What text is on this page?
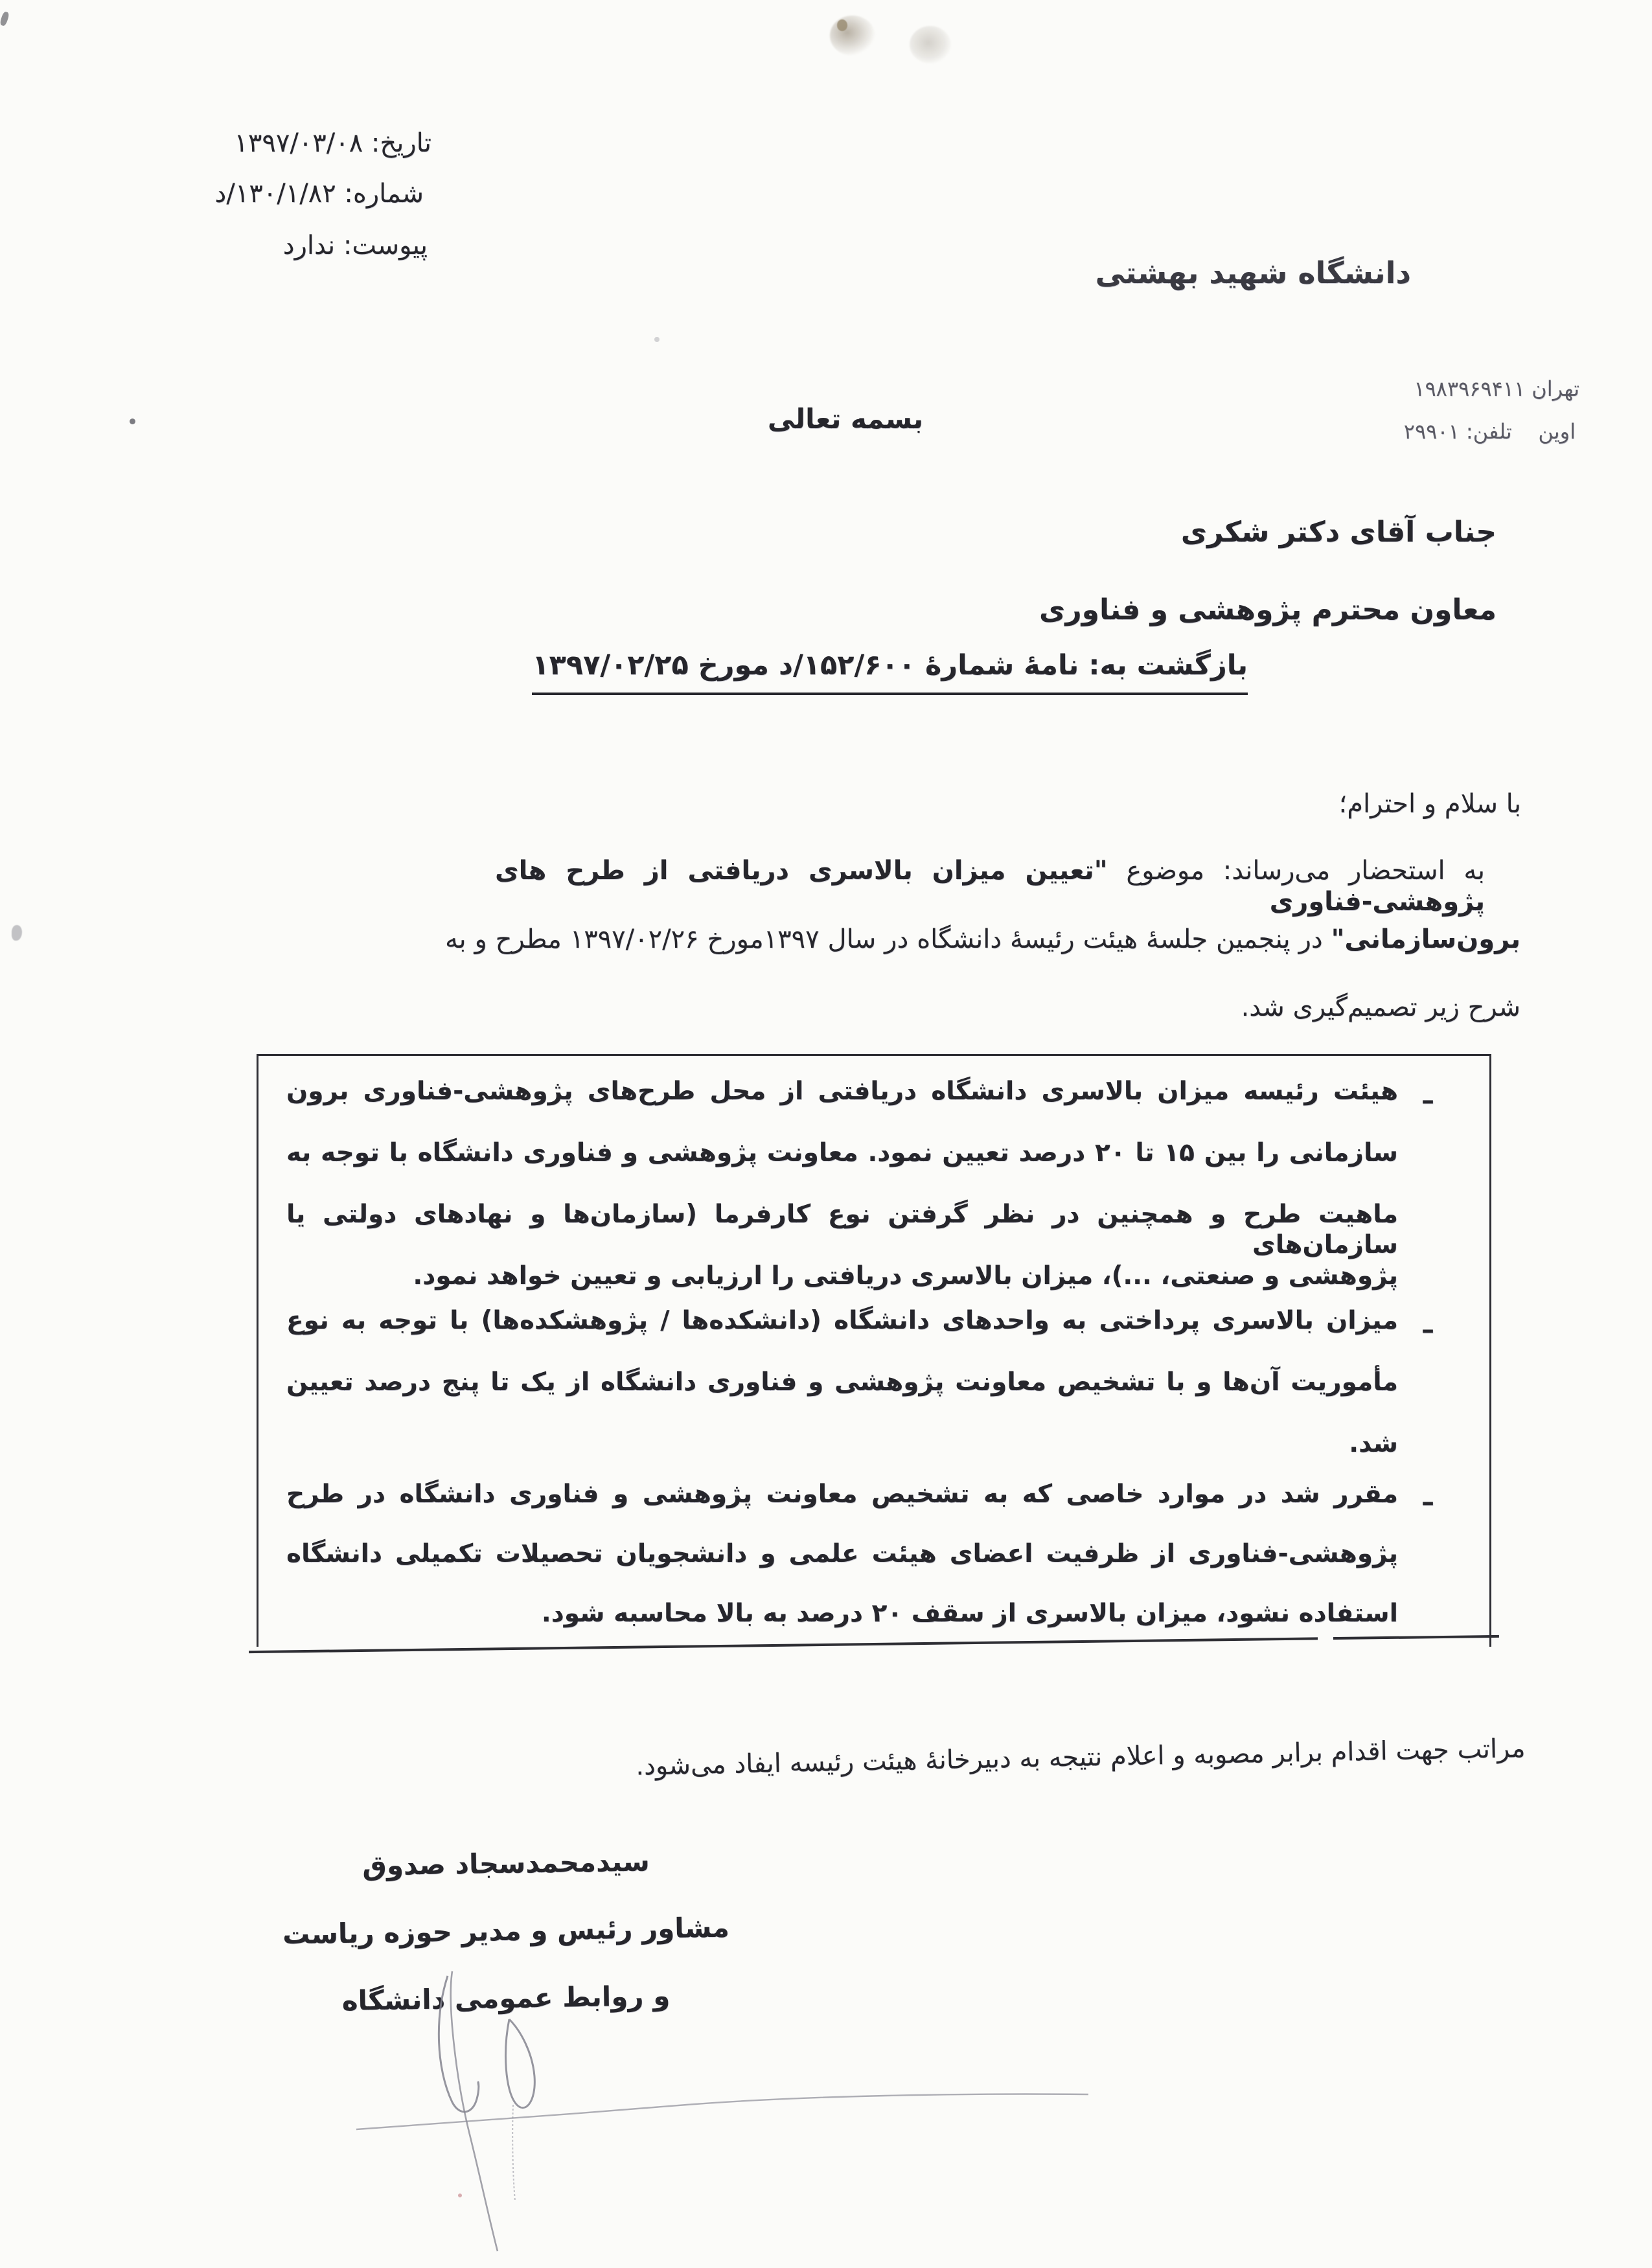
تاریخ: ۱۳۹۷/۰۳/۰۸
شماره: ۱۳۰/۱/۸۲/د
پیوست: ندارد
دانشگاه شهید بهشتی
تهران ۱۹۸۳۹۶۹۴۱۱
اوین    تلفن: ۲۹۹۰۱
بسمه تعالی
جناب آقای دکتر شکری
معاون محترم پژوهشی و فناوری
بازگشت به: نامهٔ شمارهٔ ۱۵۲/۶۰۰/د مورخ ۱۳۹۷/۰۲/۲۵
با سلام و احترام؛
به استحضار می‌رساند: موضوع "تعیین میزان بالاسری دریافتی از طرح های پژوهشی-فناوری
برون‌سازمانی" در پنجمین جلسهٔ هیئت رئیسهٔ دانشگاه در سال ۱۳۹۷مورخ ۱۳۹۷/۰۲/۲۶ مطرح و به
شرح زیر تصمیم‌گیری شد.
–
هیئت رئیسه میزان بالاسری دانشگاه دریافتی از محل طرح‌های پژوهشی-فناوری برون
سازمانی را بین ۱۵ تا ۲۰ درصد تعیین نمود. معاونت پژوهشی و فناوری دانشگاه با توجه به
ماهیت طرح و همچنین در نظر گرفتن نوع کارفرما (سازمان‌ها و نهادهای دولتی یا سازمان‌های
پژوهشی و صنعتی، ...)، میزان بالاسری دریافتی را ارزیابی و تعیین خواهد نمود.
–
میزان بالاسری پرداختی به واحدهای دانشگاه (دانشکده‌ها / پژوهشکده‌ها) با توجه به نوع
مأموریت آن‌ها و با تشخیص معاونت پژوهشی و فناوری دانشگاه از یک تا پنج درصد تعیین
شد.
–
مقرر شد در موارد خاصی که به تشخیص معاونت پژوهشی و فناوری دانشگاه در طرح
پژوهشی-فناوری از ظرفیت اعضای هیئت علمی و دانشجویان تحصیلات تکمیلی دانشگاه
استفاده نشود، میزان بالاسری از سقف ۲۰ درصد به بالا محاسبه شود.
مراتب جهت اقدام برابر مصوبه و اعلام نتیجه به دبیرخانهٔ هیئت رئیسه ایفاد می‌شود.
سیدمحمدسجاد صدوق
مشاور رئیس و مدیر حوزه ریاست
و روابط عمومی دانشگاه
